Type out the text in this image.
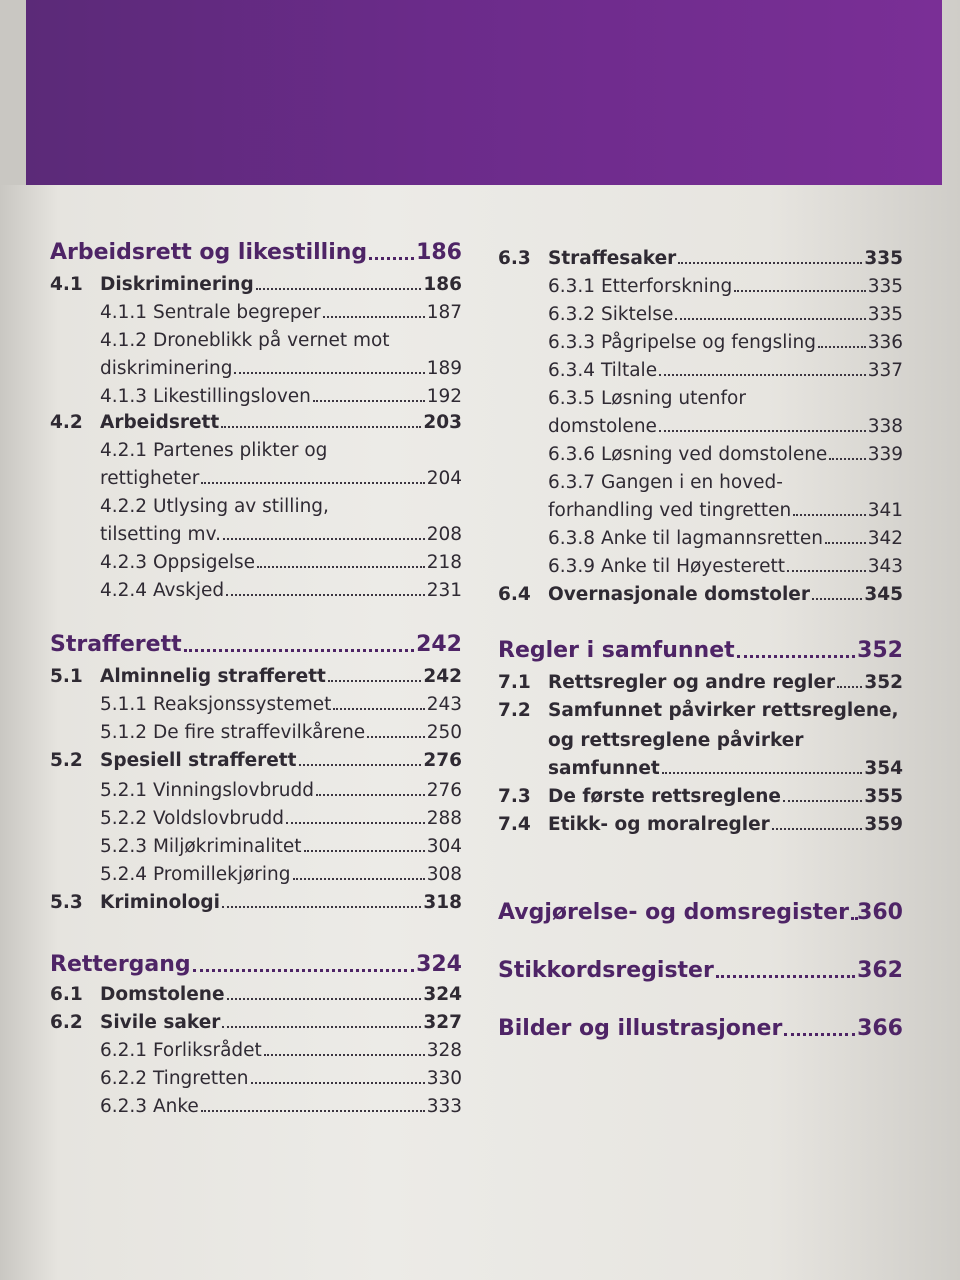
Arbeidsrett og likestilling 186
4.1 Diskriminering	186
4.1.1 Sentrale begreper	187
4.1.2 Droneblikk på vernet mot
diskriminering	189
4.1.3 Likestillingsloven	192
4.2 Arbeidsrett	203
4.2.1 Partenes plikter og
rettigheter	204
4.2.2 Utlysing av stilling,
tilsetting mv.	208
4.2.3 Oppsigelse	218
4.2.4 Avskjed	231
Strafferett	242
5.1 Alminnelig strafferett	242
5.1.1 Reaksjonssystemet	243
5.1.2 De fire straffevilkårene	250
5.2 Spesiell strafferett	276
5.2.1 Vinningslovbrudd	276
5.2.2 Voldslovbrudd	288
5.2.3 Miljøkriminalitet	304
5.2.4 Promillekjøring	308
5.3 Kriminologi	318
Rettergang	324
6.1 Domstolene	324
6.2 Sivile saker	327
6.2.1 Forliksrådet	328
6.2.2 Tingretten	330
6.2.3 Anke	333
6.3 Straffesaker	335
6.3.1 Etterforskning	335
6.3.2 Siktelse	335
6.3.3 Pågripelse og fengsling	336
6.3.4 Tiltale	337
6.3.5 Løsning utenfor
domstolene	338
6.3.6 Løsning ved domstolene 339
6.3.7 Gangen i en hoved-
forhandling ved tingretten	341
6.3.8 Anke til lagmannsretten 342
6.3.9 Anke til Høyesterett	343
6.4 Overnasjonale domstoler	345
Regler i samfunnet	352
7.1 Rettsregler og andre regler 352
7.2 Samfunnet påvirker rettsreglene,
og rettsreglene påvirker
samfunnet	354
7.3 De første rettsreglene	355
7.4 Etikk- og moralregler	359
Avgjørelse- og domsregister 360
Stikkordsregister	362
Bilder og illustrasjoner	366
